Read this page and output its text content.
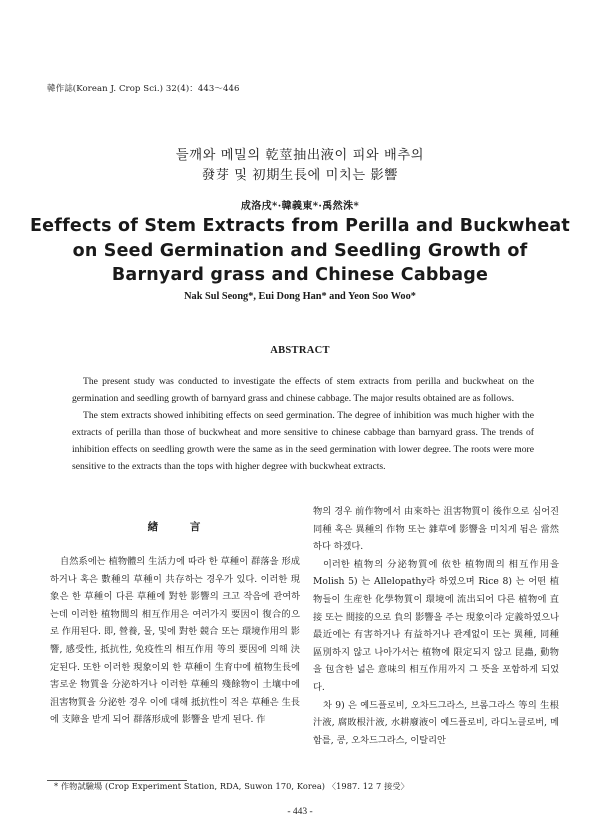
韓作誌(Korean J. Crop Sci.) 32(4)：443〜446
들깨와 메밀의 乾莖抽出液이 피와 배추의
發芽 및 初期生長에 미치는 影響
成洛戌*·韓義東*·禹然洙*
Eeffects of Stem Extracts from Perilla and Buckwheat
on Seed Germination and Seedling Growth of
Barnyard grass and Chinese Cabbage
Nak Sul Seong*, Eui Dong Han* and Yeon Soo Woo*
ABSTRACT

The present study was conducted to investigate the effects of stem extracts from perilla and buckwheat on the germination and seedling growth of barnyard grass and chinese cabbage. The major results obtained are as follows.

The stem extracts showed inhibiting effects on seed germination. The degree of inhibition was much higher with the extracts of perilla than those of buckwheat and more sensitive to chinese cabbage than barnyard grass. The trends of inhibition effects on seedling growth were the same as in the seed germination with lower degree. The roots were more sensitive to the extracts than the tops with higher degree with buckwheat extracts.

緖 言

自然系에는 植物體의 生活力에 따라 한 草種이 群落을 形成하거나 혹은 數種의 草種이 共存하는 경우가 있다. 이러한 現象은 한 草種이 다른 草種에 對한 影響의 크고 작음에 관여하는데 이러한 植物間의 相互作用은 여러가지 要因이 復合的으로 作用된다. 即, 營養, 물, 및에 對한 競合 또는 環境作用의 影響, 感受性, 抵抗性, 免疫性의 相互作用 等의 要因에 의해 決定된다. 또한 이러한 現象이외 한 草種이 生育中에 植物生長에 害로운 物質을 分泌하거나 이러한 草種의 殘餘物이 土壤中에 沮害物質을 分泌한 경우 이에 대해 抵抗性이 적은 草種은 生長에 支障을 받게 되어 群落形成에 影響을 받게 된다. 作

物의 경우 前作物에서 由來하는 沮害物質이 後作으로 심어진 同種 혹은 異種의 作物 또는 雜草에 影響을 미치게 됨은 當然하다 하겠다.

이러한 植物의 分泌物質에 依한 植物間의 相互作用을 Molish 5) 는 Allelopathy라 하였으며 Rice 8) 는 어떤 植物들이 生産한 化學物質이 環境에 流出되어 다른 植物에 直接 또는 間接的으로 負의 影響을 주는 現象이라 定義하였으나 最近에는 有害하거나 有益하거나 관계없이 또는 異種, 同種 區別하지 않고 나아가서는 植物에 限定되지 않고 昆蟲, 動物을 包含한 넓은 意味의 相互作用까지 그 뜻을 포함하게 되었다.

차 9) 은 예드플로비, 오차드그라스, 브롬그라스 等의 生根汁液, 腐敗根汁液, 水耕廢液이 예드플로비, 라디노클로버, 메함를, 콩, 오차드그라스, 이탈리안

* 作物試驗場 (Crop Experiment Station, RDA, Suwon 170, Korea) 〈1987. 12 7 接受〉
- 443 -
